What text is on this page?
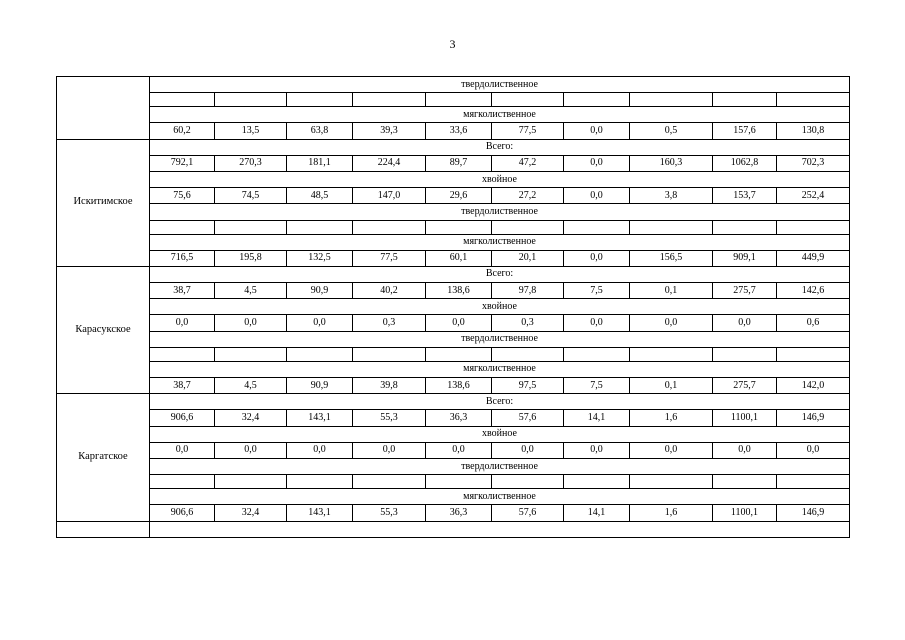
3
	твердолиственное									

	мягколиственное									
	60,2	13,5	63,8	39,3	33,6	77,5	0,0	0,5	157,6	130,8
Искитимское	Всего:									
	792,1	270,3	181,1	224,4	89,7	47,2	0,0	160,3	1062,8	702,3
	хвойное									
	75,6	74,5	48,5	147,0	29,6	27,2	0,0	3,8	153,7	252,4
	твердолиственное									

	мягколиственное									
	716,5	195,8	132,5	77,5	60,1	20,1	0,0	156,5	909,1	449,9
Карасукское	Всего:									
	38,7	4,5	90,9	40,2	138,6	97,8	7,5	0,1	275,7	142,6
	хвойное									
	0,0	0,0	0,0	0,3	0,0	0,3	0,0	0,0	0,0	0,6
	твердолиственное									

	мягколиственное									
	38,7	4,5	90,9	39,8	138,6	97,5	7,5	0,1	275,7	142,0
Каргатское	Всего:									
	906,6	32,4	143,1	55,3	36,3	57,6	14,1	1,6	1100,1	146,9
	хвойное									
	0,0	0,0	0,0	0,0	0,0	0,0	0,0	0,0	0,0	0,0
	твердолиственное									

	мягколиственное									
	906,6	32,4	143,1	55,3	36,3	57,6	14,1	1,6	1100,1	146,9
